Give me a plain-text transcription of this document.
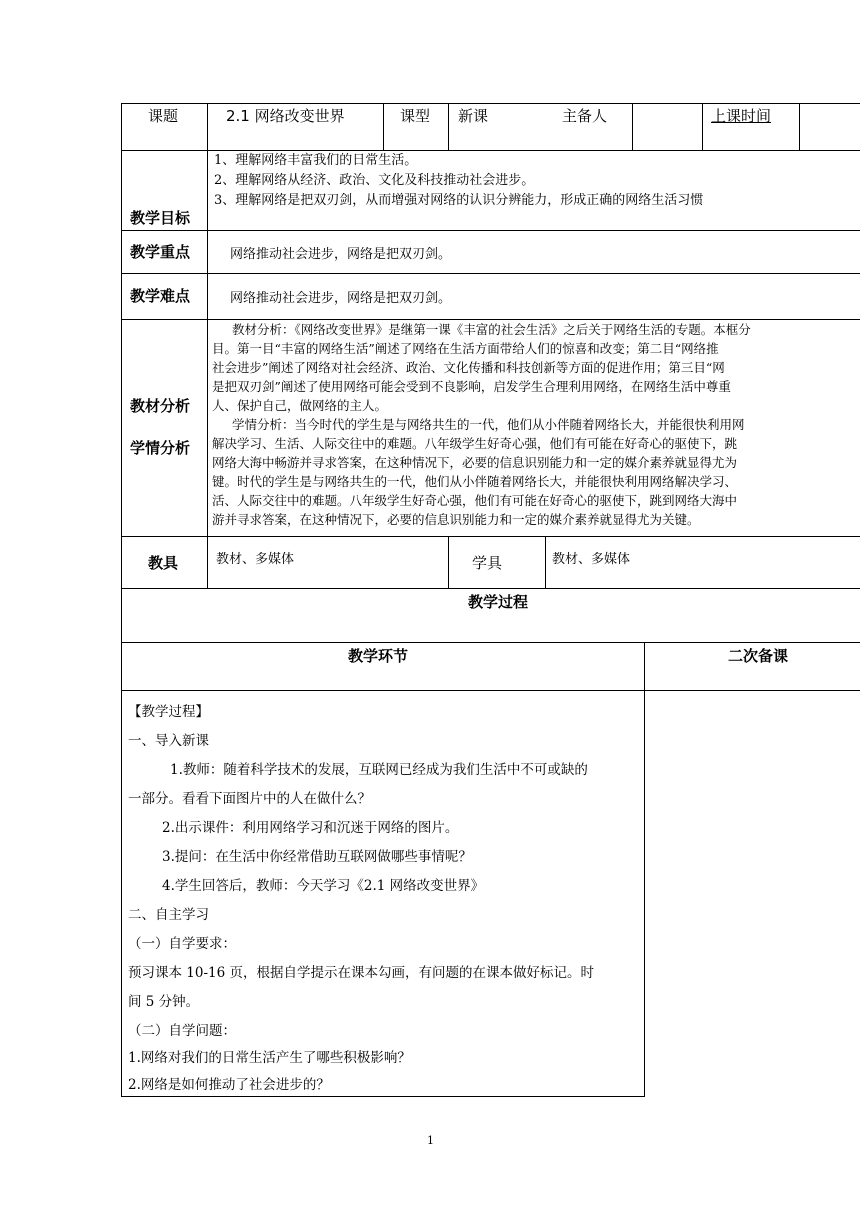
课题	2.1 网络改变世界	课型 新课	主备人	上课时间
教学目标
1、理解网络丰富我们的日常生活。
2、理解网络从经济、政治、文化及科技推动社会进步。
3、理解网络是把双刃剑，从而增强对网络的认识分辨能力，形成正确的网络生活习惯
教学重点	网络推动社会进步，网络是把双刃剑。
教学难点	网络推动社会进步，网络是把双刃剑。
教材分析
学情分析
教材分析：《网络改变世界》是继第一课《丰富的社会生活》之后关于网络生活的专题。本框分
目。第一目“丰富的网络生活”阐述了网络在生活方面带给人们的惊喜和改变；第二目“网络推
社会进步”阐述了网络对社会经济、政治、文化传播和科技创新等方面的促进作用；第三目“网
是把双刃剑”阐述了使用网络可能会受到不良影响，启发学生合理利用网络，在网络生活中尊重
人、保护自己，做网络的主人。
学情分析：当今时代的学生是与网络共生的一代，他们从小伴随着网络长大，并能很快利用网
解决学习、生活、人际交往中的难题。八年级学生好奇心强，他们有可能在好奇心的驱使下，跳
网络大海中畅游并寻求答案，在这种情况下，必要的信息识别能力和一定的媒介素养就显得尤为
键。时代的学生是与网络共生的一代，他们从小伴随着网络长大，并能很快利用网络解决学习、
活、人际交往中的难题。八年级学生好奇心强，他们有可能在好奇心的驱使下，跳到网络大海中
游并寻求答案，在这种情况下，必要的信息识别能力和一定的媒介素养就显得尤为关键。
教具	教材、多媒体	学具	教材、多媒体
教学过程
教学环节	二次备课
【教学过程】
一、导入新课
1.教师：随着科学技术的发展，互联网已经成为我们生活中不可或缺的
一部分。看看下面图片中的人在做什么？
2.出示课件：利用网络学习和沉迷于网络的图片。
3.提问：在生活中你经常借助互联网做哪些事情呢？
4.学生回答后，教师：今天学习《2.1 网络改变世界》
二、自主学习
（一）自学要求：
预习课本 10-16 页，根据自学提示在课本勾画，有问题的在课本做好标记。时
间 5 分钟。
（二）自学问题：
1.网络对我们的日常生活产生了哪些积极影响？
2.网络是如何推动了社会进步的？
1
